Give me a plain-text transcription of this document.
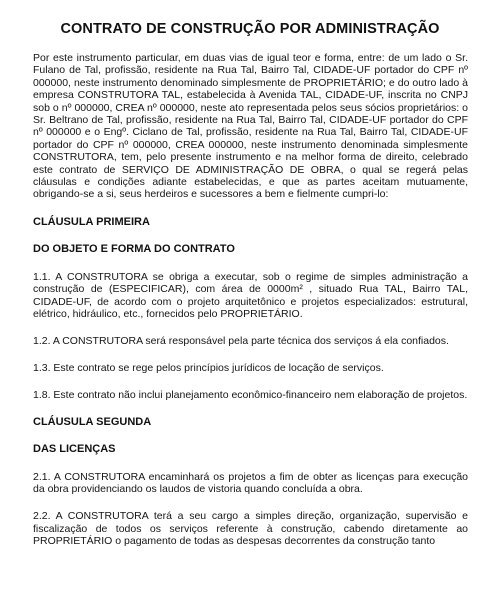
CONTRATO DE CONSTRUÇÃO POR ADMINISTRAÇÃO

Por este instrumento particular, em duas vias de igual teor e forma, entre: de um lado o Sr. Fulano de Tal, profissão, residente na Rua Tal, Bairro Tal, CIDADE-UF portador do CPF nº 000000, neste instrumento denominado simplesmente de PROPRIETÁRIO; e do outro lado à empresa CONSTRUTORA TAL, estabelecida à Avenida TAL, CIDADE-UF, inscrita no CNPJ sob o nº 000000, CREA nº 000000, neste ato representada pelos seus sócios proprietários: o Sr. Beltrano de Tal, profissão, residente na Rua Tal, Bairro Tal, CIDADE-UF portador do CPF nº 000000 e o Engº. Ciclano de Tal, profissão, residente na Rua Tal, Bairro Tal, CIDADE-UF portador do CPF nº 000000, CREA 000000, neste instrumento denominada simplesmente CONSTRUTORA, tem, pelo presente instrumento e na melhor forma de direito, celebrado este contrato de SERVIÇO DE ADMINISTRAÇÃO DE OBRA, o qual se regerá pelas cláusulas e condições adiante estabelecidas, e que as partes aceitam mutuamente, obrigando-se a si, seus herdeiros e sucessores a bem e fielmente cumpri-lo:

CLÁUSULA PRIMEIRA

DO OBJETO E FORMA DO CONTRATO

1.1. A CONSTRUTORA se obriga a executar, sob o regime de simples administração a construção de (ESPECIFICAR), com área de 0000m² , situado Rua TAL, Bairro TAL, CIDADE-UF, de acordo com o projeto arquitetônico e projetos especializados: estrutural, elétrico, hidráulico, etc., fornecidos pelo PROPRIETÁRIO.

1.2. A CONSTRUTORA será responsável pela parte técnica dos serviços á ela confiados.

1.3. Este contrato se rege pelos princípios jurídicos de locação de serviços.

1.8. Este contrato não inclui planejamento econômico-financeiro nem elaboração de projetos.

CLÁUSULA SEGUNDA

DAS LICENÇAS

2.1. A CONSTRUTORA encaminhará os projetos a fim de obter as licenças para execução da obra providenciando os laudos de vistoria quando concluída a obra.

2.2. A CONSTRUTORA terá a seu cargo a simples direção, organização, supervisão e fiscalização de todos os serviços referente à construção, cabendo diretamente ao PROPRIETÁRIO o pagamento de todas as despesas decorrentes da construção tanto
